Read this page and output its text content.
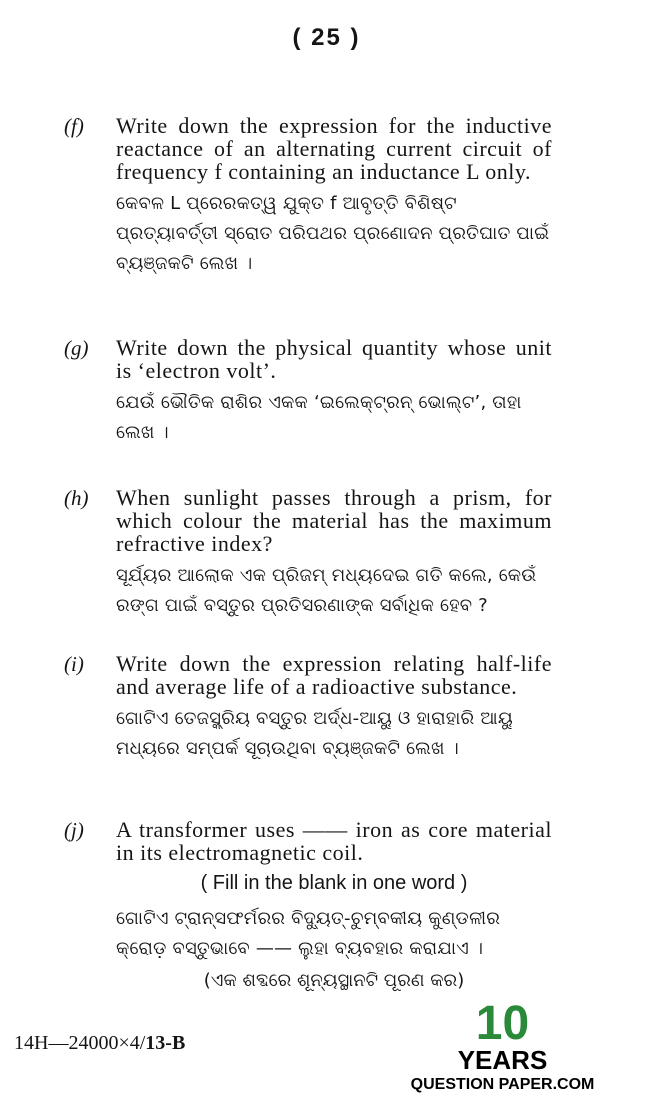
( 25 )
(f) Write down the expression for the inductive reactance of an alternating current circuit of frequency f containing an inductance L only.
କେବଳ L ପ୍ରେରକତ୍ୱ ଯୁକ୍ତ f ଆବୃତ୍ତି ବିଶିଷ୍ଟ ପ୍ରତ୍ୟାବର୍ତ୍ତୀ ସ୍ରୋତ ପରିପଥର ପ୍ରଣୋଦନ ପ୍ରତିଘାତ ପାଇଁ ବ୍ୟଞ୍ଜକଟି ଲେଖ ।
(g) Write down the physical quantity whose unit is ‘electron volt’.
ଯେଉଁ ଭୌତିକ ରାଶିର ଏକକ ‘ଇଲେକ୍‌ଟ୍ରନ୍ ଭୋଲ୍ଟ’, ତାହା ଲେଖ ।
(h) When sunlight passes through a prism, for which colour the material has the maximum refractive index?
ସୂର୍ଯ୍ୟର ଆଲୋକ ଏକ ପ୍ରିଜମ୍ ମଧ୍ୟଦେଇ ଗତି କଲେ, କେଉଁ ରଙ୍ଗ ପାଇଁ ବସ୍ତୁର ପ୍ରତିସରଣାଙ୍କ ସର୍ବାଧିକ ହେବ ?
(i) Write down the expression relating half-life and average life of a radioactive substance.
ଗୋଟିଏ ତେଜସ୍କ୍ରିୟ ବସ୍ତୁର ଅର୍ଦ୍ଧ-ଆୟୁ ଓ ହାରାହାରି ଆୟୁ ମଧ୍ୟରେ ସମ୍ପର୍କ ସୂଚାଉଥିବା ବ୍ୟଞ୍ଜକଟି ଲେଖ ।
(j) A transformer uses —— iron as core material in its electromagnetic coil.
( Fill in the blank in one word )
ଗୋଟିଏ ଟ୍ରାନ୍ସଫର୍ମରର ବିଦ୍ୟୁତ୍-ଚୁମ୍ବକୀୟ କୁଣ୍ଡଳୀର କ୍ରୋଡ଼ ବସ୍ତୁଭାବେ —— ଲୁହା ବ୍ୟବହାର କରାଯାଏ ।
(ଏକ ଶବ୍ଦରେ ଶୂନ୍ୟସ୍ଥାନଟି ପୂରଣ କର)
14H—24000×4/13-B	10
YEARS
QUESTION PAPER.COM
